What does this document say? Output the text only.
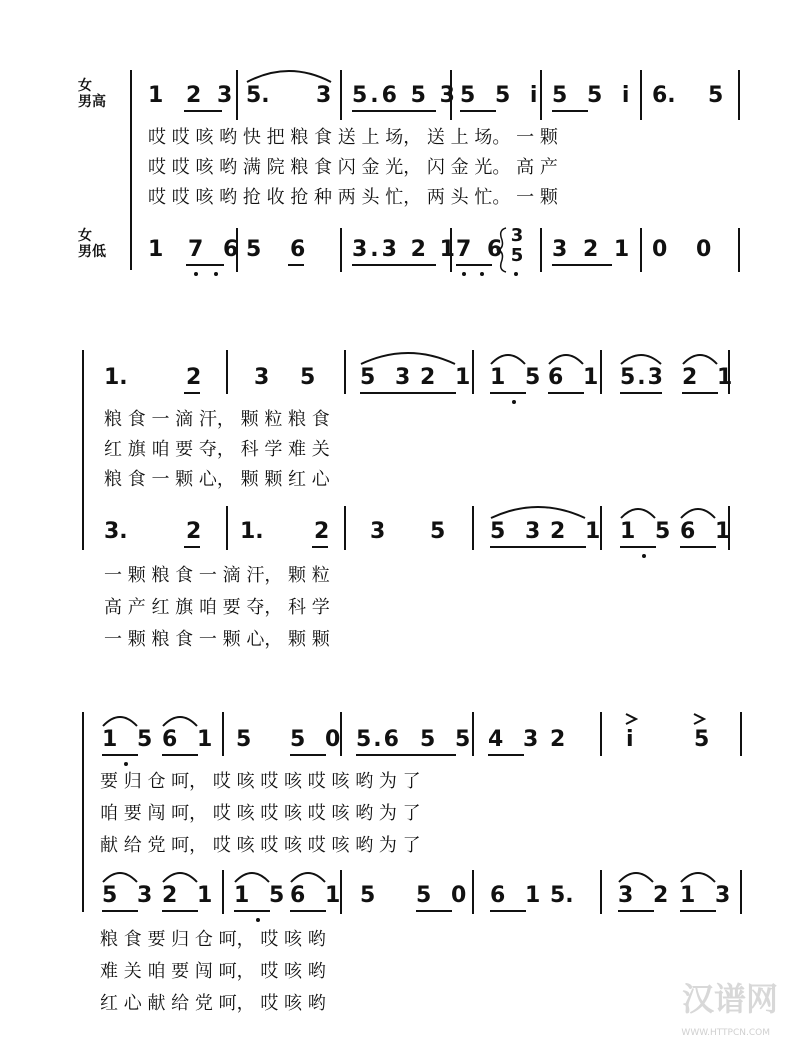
女
男高
女
男低
1 2 3 5. 3 5.6 5 3 5 5 i 5 5 i 6. 5
哎 哎 咳 哟 快 把 粮 食 送 上 场， 送 上 场。 一 颗
哎 哎 咳 哟 满 院 粮 食 闪 金 光， 闪 金 光。 高 产
哎 哎 咳 哟 抢 收 抢 种 两 头 忙， 两 头 忙。 一 颗
1 7 6 5 6 3.3 2 1
7 6
3
5 3 2 1 0 0
1.	2 3 5 5 3 2 1 1 5 6 1 5.3 2 1
粮 食 一 滴 汗， 颗 粒 粮 食
红 旗 咱 要 夺， 科 学 难 关
粮 食 一 颗 心， 颗 颗 红 心
3.	2 1. 2 3 5 5 3 2 1 1 5 6 1
一 颗 粮 食 一 滴 汗， 颗 粒
高 产 红 旗 咱 要 夺， 科 学
一 颗 粮 食 一 颗 心， 颗 颗
1 5 6 1 5 5 0 5.6 5 5 4 3 2	i	5
要 归 仓 呵， 哎 咳 哎 咳 哎 咳 哟 为 了
咱 要 闯 呵， 哎 咳 哎 咳 哎 咳 哟 为 了
献 给 党 呵， 哎 咳 哎 咳 哎 咳 哟 为 了
5 3 2 1 1 5 6 1 5 5 0 6 1 5. 3 2 1 3
粮 食 要 归 仓 呵， 哎 咳 哟
难 关 咱 要 闯 呵， 哎 咳 哟
红 心 献 给 党 呵， 哎 咳 哟	汉谱网
WWW.HTTPCN.COM
